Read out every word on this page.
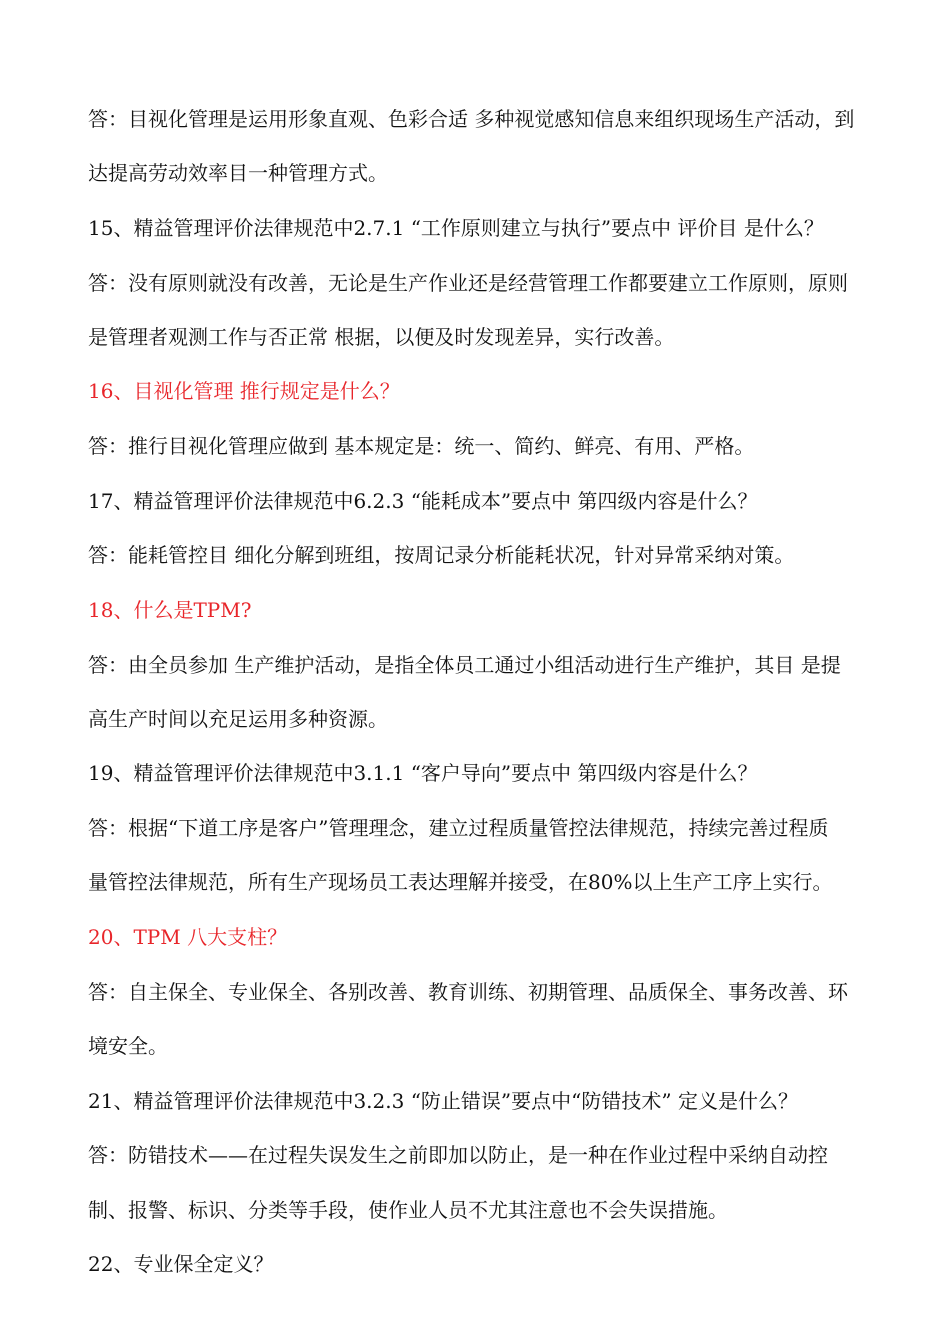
答：目视化管理是运用形象直观、色彩合适 多种视觉感知信息来组织现场生产活动，到
达提高劳动效率目一种管理方式。
15、精益管理评价法律规范中2.7.1 “工作原则建立与执行”要点中 评价目 是什么？
答：没有原则就没有改善，无论是生产作业还是经营管理工作都要建立工作原则，原则
是管理者观测工作与否正常 根据，以便及时发现差异，实行改善。
16、目视化管理 推行规定是什么？
答：推行目视化管理应做到 基本规定是：统一、简约、鲜亮、有用、严格。
17、精益管理评价法律规范中6.2.3 “能耗成本”要点中 第四级内容是什么？
答：能耗管控目 细化分解到班组，按周记录分析能耗状况，针对异常采纳对策。
18、什么是TPM?
答：由全员参加 生产维护活动，是指全体员工通过小组活动进行生产维护，其目 是提
高生产时间以充足运用多种资源。
19、精益管理评价法律规范中3.1.1 “客户导向”要点中 第四级内容是什么？
答：根据“下道工序是客户”管理理念，建立过程质量管控法律规范，持续完善过程质
量管控法律规范，所有生产现场员工表达理解并接受，在80%以上生产工序上实行。
20、TPM 八大支柱？
答：自主保全、专业保全、各别改善、教育训练、初期管理、品质保全、事务改善、环
境安全。
21、精益管理评价法律规范中3.2.3 “防止错误”要点中“防错技术” 定义是什么？
答：防错技术——在过程失误发生之前即加以防止，是一种在作业过程中采纳自动控
制、报警、标识、分类等手段，使作业人员不尤其注意也不会失误措施。
22、专业保全定义？
